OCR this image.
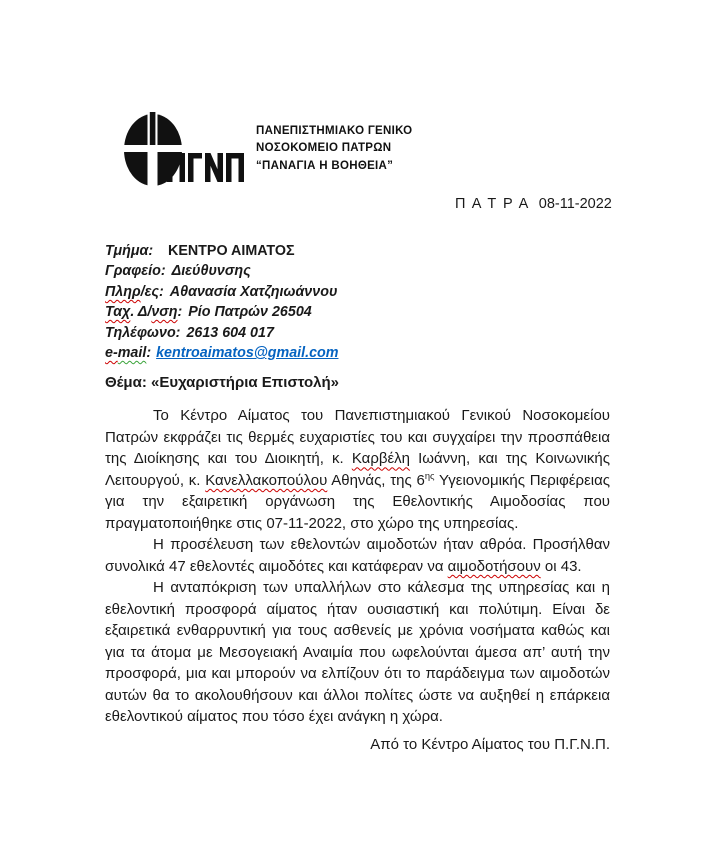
ΠΑΝΕΠΙΣΤΗΜΙΑΚΟ ΓΕΝΙΚΟ
ΝΟΣΟΚΟΜΕΙΟ ΠΑΤΡΩΝ
“ΠΑΝΑΓΙΑ Η ΒΟΗΘΕΙΑ”
Π Α Τ Ρ Α 08-11-2022
Τμήμα: ΚΕΝΤΡΟ ΑΙΜΑΤΟΣ
Γραφείο: Διεύθυνσης
Πληρ/ες: Αθανασία Χατζηιωάννου
Ταχ. Δ/νση: Ρίο Πατρών 26504
Τηλέφωνο: 2613 604 017
e-mail: kentroaimatos@gmail.com
Θέμα: «Ευχαριστήρια Επιστολή»

Το Κέντρο Αίματος του Πανεπιστημιακού Γενικού Νοσοκομείου Πατρών εκφράζει τις θερμές ευχαριστίες του και συγχαίρει την προσπάθεια της Διοίκησης και του Διοικητή, κ. Καρβέλη Ιωάννη, και της Κοινωνικής Λειτουργού, κ. Κανελλακοπούλου Αθηνάς, της $6^{\eta\varsigma}$ Υγειονομικής Περιφέρειας για την εξαιρετική οργάνωση της Εθελοντικής Αιμοδοσίας που πραγματοποιήθηκε στις 07-11-2022, στο χώρο της υπηρεσίας.

Η προσέλευση των εθελοντών αιμοδοτών ήταν αθρόα. Προσήλθαν συνολικά 47 εθελοντές αιμοδότες και κατάφεραν να αιμοδοτήσουν οι 43.

Η ανταπόκριση των υπαλλήλων στο κάλεσμα της υπηρεσίας και η εθελοντική προσφορά αίματος ήταν ουσιαστική και πολύτιμη. Είναι δε εξαιρετικά ενθαρρυντική για τους ασθενείς με χρόνια νοσήματα καθώς και για τα άτομα με Μεσογειακή Αναιμία που ωφελούνται άμεσα απ’ αυτή την προσφορά, μια και μπορούν να ελπίζουν ότι το παράδειγμα των αιμοδοτών αυτών θα το ακολουθήσουν και άλλοι πολίτες ώστε να αυξηθεί η επάρκεια εθελοντικού αίματος που τόσο έχει ανάγκη η χώρα.

Από το Κέντρο Αίματος του Π.Γ.Ν.Π.
